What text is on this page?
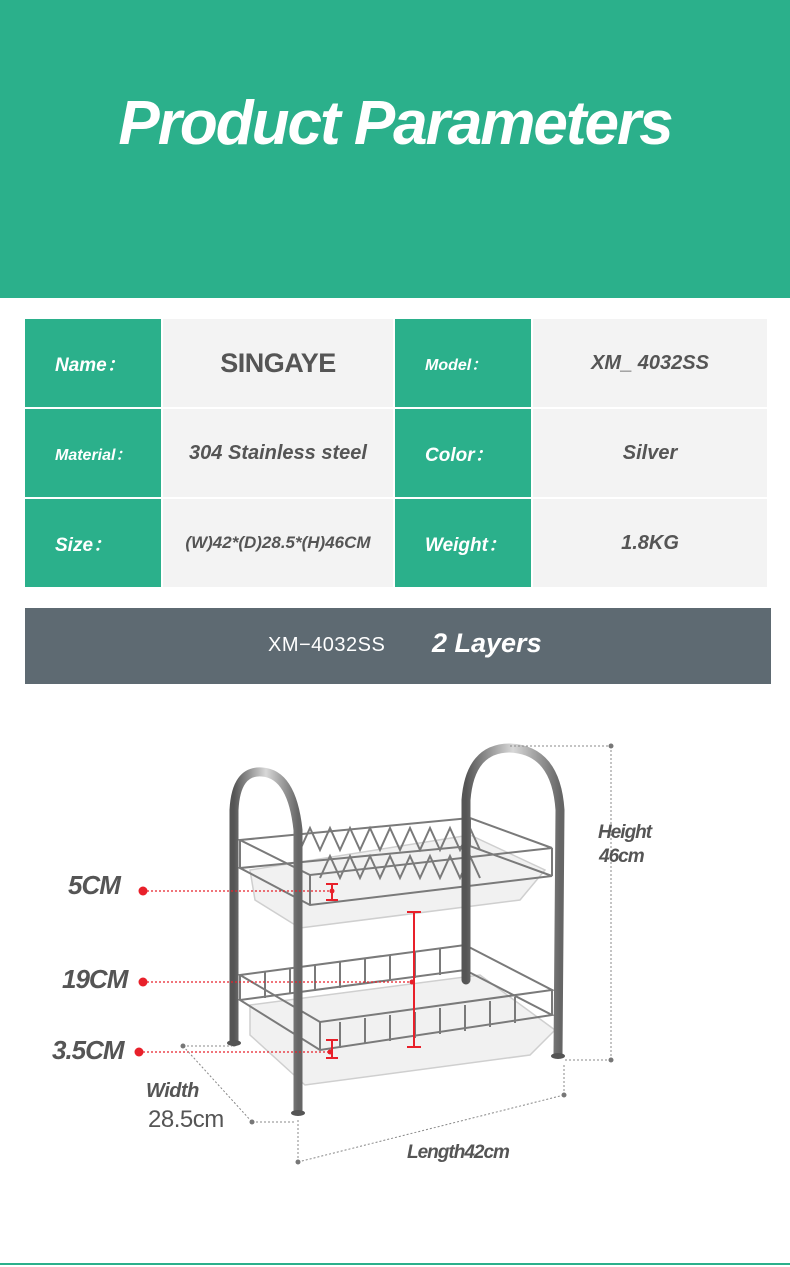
Product Parameters
Name：	SINGAYE	Model：	XM_ 4032SS
Material：	304 Stainless steel	Color：	Silver
Size：	(W)42*(D)28.5*(H)46CM	Weight：	1.8KG
XM−4032SS 2 Layers
5CM
19CM
3.5CM
Width
28.5cm
Length42cm
Height
46cm
